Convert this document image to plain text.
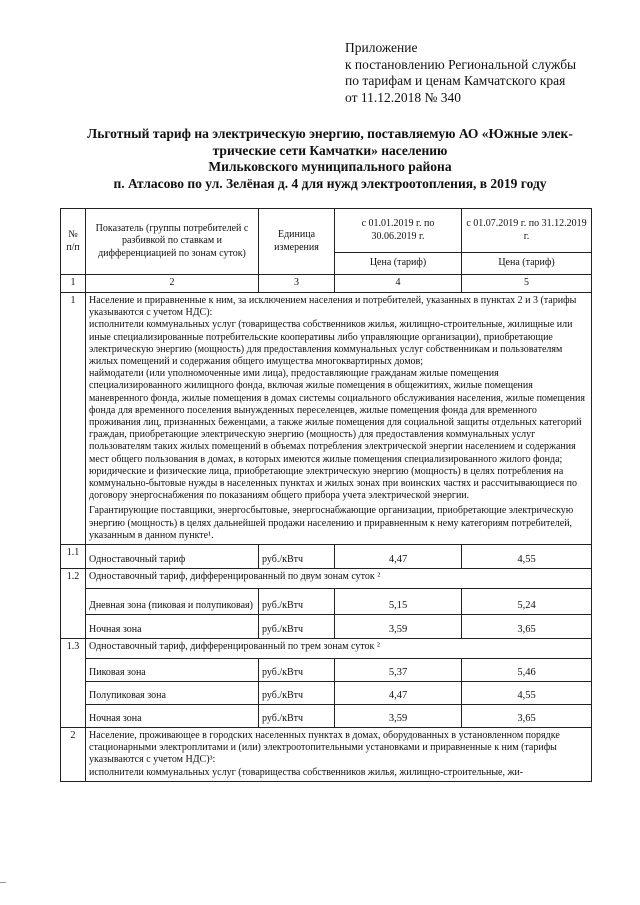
Приложение
к постановлению Региональной службы
по тарифам и ценам Камчатского края
от 11.12.2018 № 340
Льготный тариф на электрическую энергию, поставляемую АО «Южные элек-
трические сети Камчатки» населению
Мильковского муниципального района
п. Атласово по ул. Зелёная д. 4 для нужд электроотопления, в 2019 году
№ п/п	Показатель (группы потребителей с разбивкой по ставкам и дифференциацией по зонам суток)	Единица измерения	с 01.01.2019 г. по 30.06.2019 г.	с 01.07.2019 г. по 31.12.2019 г.
			Цена (тариф)	Цена (тариф)
1	2	3	4	5
1	Население и приравненные к ним, за исключением населения и потребителей, указанных в пунктах 2 и 3 (тарифы указываются с учетом НДС):

исполнители коммунальных услуг (товарищества собственников жилья, жилищно-строительные, жилищные или иные специализированные потребительские кооперативы либо управляющие организации), приобретающие электрическую энергию (мощность) для предоставления коммунальных услуг собственникам и пользователям жилых помещений и содержания общего имущества многоквартирных домов;

наймодатели (или уполномоченные ими лица), предоставляющие гражданам жилые помещения специализированного жилищного фонда, включая жилые помещения в общежитиях, жилые помещения маневренного фонда, жилые помещения в домах системы социального обслуживания населения, жилые помещения фонда для временного поселения вынужденных переселенцев, жилые помещения фонда для временного проживания лиц, признанных беженцами, а также жилые помещения для социальной защиты отдельных категорий граждан, приобретающие электрическую энергию (мощность) для предоставления коммунальных услуг пользователям таких жилых помещений в объемах потребления электрической энергии населением и содержания мест общего пользования в домах, в которых имеются жилые помещения специализированного жилого фонда;

юридические и физические лица, приобретающие электрическую энергию (мощность) в целях потребления на коммунально-бытовые нужды в населенных пунктах и жилых зонах при воинских частях и рассчитывающиеся по договору энергоснабжения по показаниям общего прибора учета электрической энергии.

Гарантирующие поставщики, энергосбытовые, энергоснабжающие организации, приобретающие электрическую энергию (мощность) в целях дальнейшей продажи населению и приравненным к нему категориям потребителей, указанным в данном пункте¹.			

1.1	Одноставочный тариф	руб./кВтч	4,47	4,55
1.2	Одноставочный тариф, дифференцированный по двум зонам суток ²			
	Дневная зона (пиковая и полупиковая)	руб./кВтч	5,15	5,24
	Ночная зона	руб./кВтч	3,59	3,65
1.3	Одноставочный тариф, дифференцированный по трем зонам суток ²			
	Пиковая зона	руб./кВтч	5,37	5,46
	Полупиковая зона	руб./кВтч	4,47	4,55
	Ночная зона	руб./кВтч	3,59	3,65
2	Население, проживающее в городских населенных пунктах в домах, оборудованных в установленном порядке стационарными электроплитами и (или) электроотопительными установками и приравненные к ним (тарифы указываются с учетом НДС)³:

исполнители коммунальных услуг (товарищества собственников жилья, жилищно-строительные, жи-			
